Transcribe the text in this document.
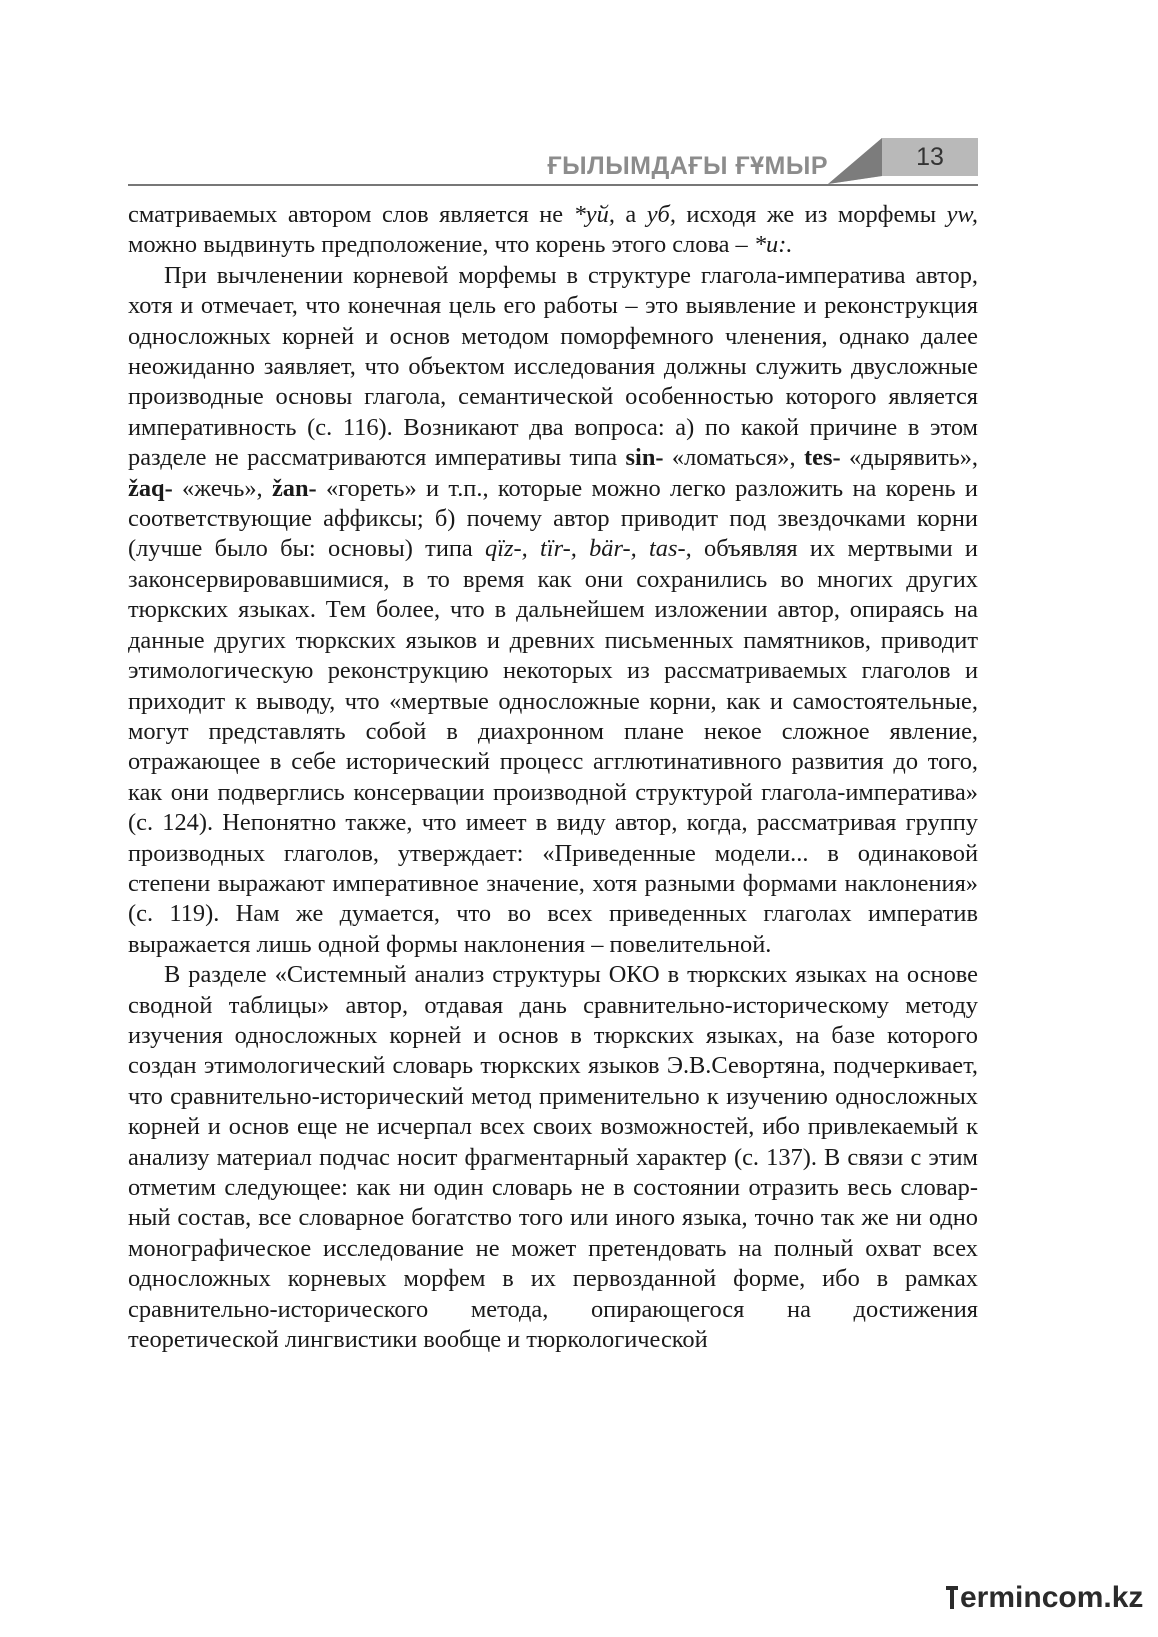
ҒЫЛЫМДАҒЫ ҒҰМЫР	13

сматриваемых автором слов является не *уй, а уб, исходя же из морфемы уw, можно выдвинуть предположение, что корень этого слова – *и:.

При вычленении корневой морфемы в структуре глагола-императива автор, хотя и отмечает, что конечная цель его работы – это выявление и реконструкция односложных корней и основ методом поморфемного членения, однако далее неожиданно заявляет, что объектом исследования должны служить двусложные производные основы глагола, семантической особенностью которого является императивность (с. 116). Возникают два вопроса: а) по какой причине в этом разделе не рассматриваются императивы типа sin- «ломаться», tes- «дырявить», žaq- «жечь», žan- «гореть» и т.п., которые можно легко разложить на корень и соответствующие аффиксы; б) почему автор приводит под звездочками корни (лучше было бы: основы) типа qïz-, tïr-, bär-, tas-, объявляя их мертвыми и законсервировавшимися, в то время как они сохранились во многих других тюркских языках. Тем более, что в дальнейшем изложении автор, опираясь на данные других тюркских языков и древних письменных памятников, приводит этимологическую реконструкцию некоторых из рассматриваемых глаголов и приходит к выводу, что «мертвые односложные корни, как и самостоятельные, могут представлять собой в диахронном плане некое сложное явление, отражающее в себе исторический процесс агглютинативного развития до того, как они подверглись консервации производной структурой глагола-императива» (с. 124). Непонятно также, что имеет в виду автор, когда, рассматривая группу производных глаголов, утверждает: «Приведенные модели... в одинаковой степени выражают императивное значение, хотя разными формами наклонения» (с. 119). Нам же думается, что во всех приведенных глаголах императив выражается лишь одной формы наклонения – повелительной.

В разделе «Системный анализ структуры ОКО в тюркских языках на основе сводной таблицы» автор, отдавая дань сравнительно-историческому методу изучения односложных корней и основ в тюркских языках, на базе которого создан этимологический словарь тюркских языков Э.В.Севортяна, подчеркивает, что сравнительно-исторический метод применительно к изучению односложных корней и основ еще не исчерпал всех своих возможностей, ибо привлекаемый к анализу материал подчас носит фрагментарный характер (с. 137). В связи с этим отметим следующее: как ни один словарь не в состоянии отразить весь словарный состав, все словарное богатство того или иного языка, точно так же ни одно монографическое исследование не может претендовать на полный охват всех односложных корневых морфем в их первозданной форме, ибо в рамках сравнительно-исторического метода, опирающегося на достижения теоретической лингвистики вообще и тюркологической

ermincom.kz
